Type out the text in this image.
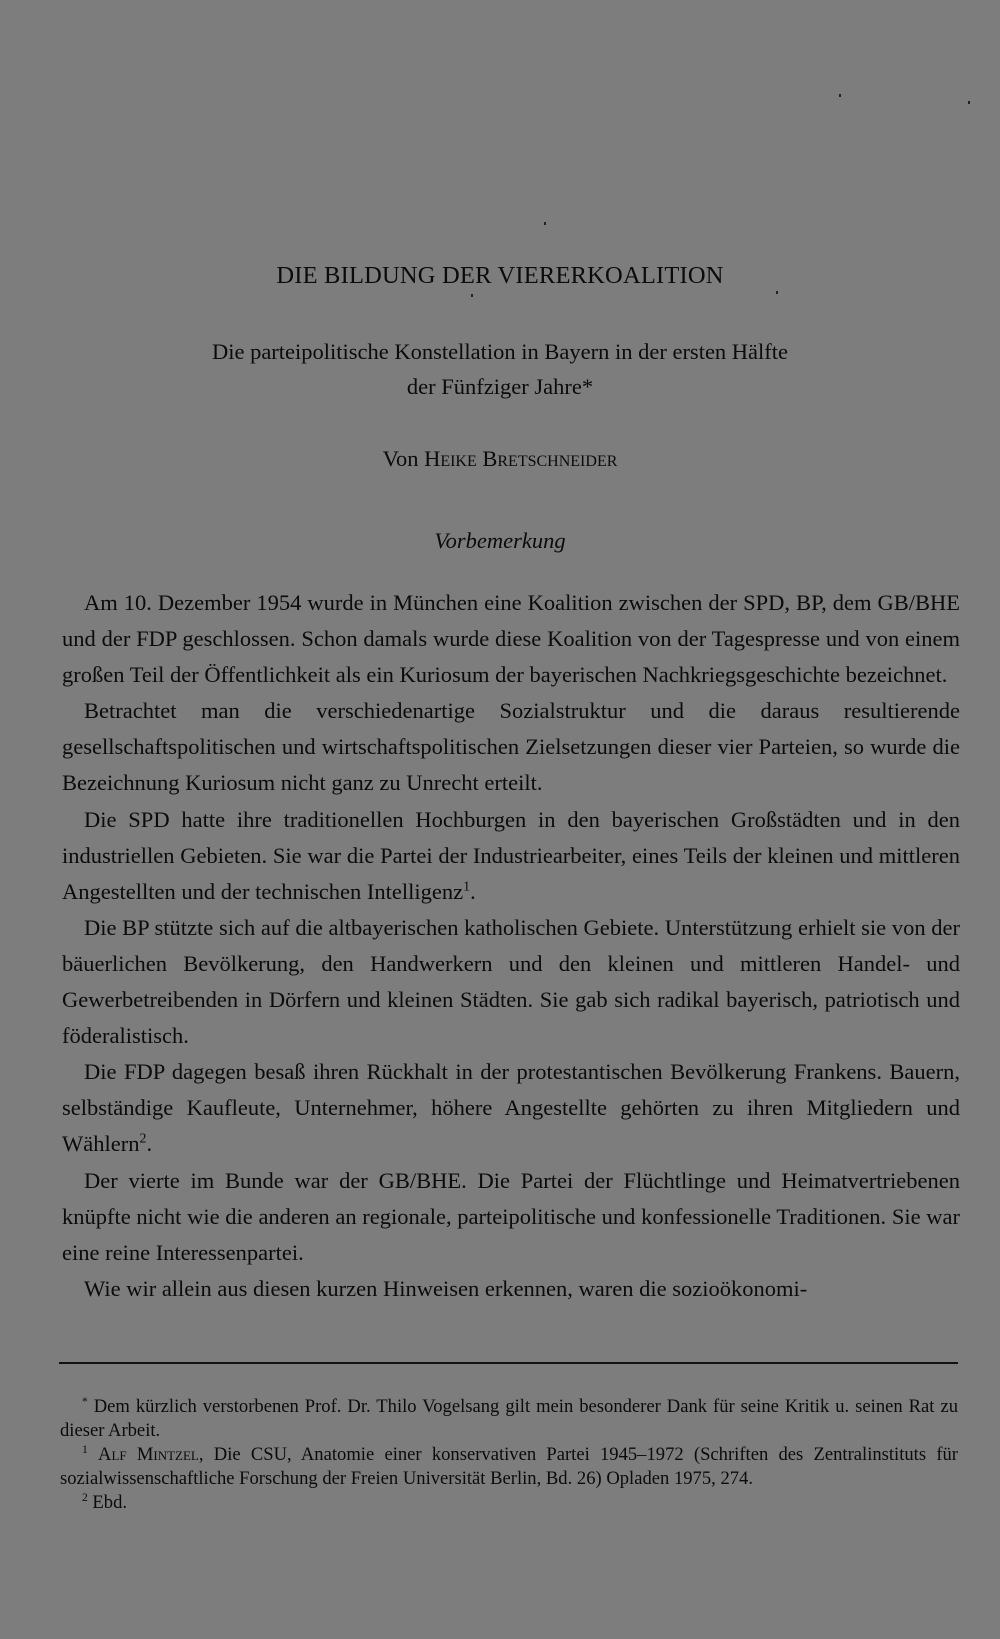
DIE BILDUNG DER VIERERKOALITION
Die parteipolitische Konstellation in Bayern in der ersten Hälfte
der Fünfziger Jahre*
Von Heike Bretschneider
Vorbemerkung

Am 10. Dezember 1954 wurde in München eine Koalition zwischen der SPD, BP, dem GB/BHE und der FDP geschlossen. Schon damals wurde diese Koalition von der Tagespresse und von einem großen Teil der Öffentlichkeit als ein Kuriosum der bayerischen Nachkriegsgeschichte bezeichnet.

Betrachtet man die verschiedenartige Sozialstruktur und die daraus resultierende gesellschaftspolitischen und wirtschaftspolitischen Zielsetzungen dieser vier Parteien, so wurde die Bezeichnung Kuriosum nicht ganz zu Unrecht erteilt.

Die SPD hatte ihre traditionellen Hochburgen in den bayerischen Großstädten und in den industriellen Gebieten. Sie war die Partei der Industriearbeiter, eines Teils der kleinen und mittleren Angestellten und der technischen Intelligenz$^1$.

Die BP stützte sich auf die altbayerischen katholischen Gebiete. Unterstützung erhielt sie von der bäuerlichen Bevölkerung, den Handwerkern und den kleinen und mittleren Handel- und Gewerbetreibenden in Dörfern und kleinen Städten. Sie gab sich radikal bayerisch, patriotisch und föderalistisch.

Die FDP dagegen besaß ihren Rückhalt in der protestantischen Bevölkerung Frankens. Bauern, selbständige Kaufleute, Unternehmer, höhere Angestellte gehörten zu ihren Mitgliedern und Wählern$^2$.

Der vierte im Bunde war der GB/BHE. Die Partei der Flüchtlinge und Heimatvertriebenen knüpfte nicht wie die anderen an regionale, parteipolitische und konfessionelle Traditionen. Sie war eine reine Interessenpartei.

Wie wir allein aus diesen kurzen Hinweisen erkennen, waren die sozioökonomi-

* Dem kürzlich verstorbenen Prof. Dr. Thilo Vogelsang gilt mein besonderer Dank für seine Kritik u. seinen Rat zu dieser Arbeit.

$^1$ Alf Mintzel, Die CSU, Anatomie einer konservativen Partei 1945–1972 (Schriften des Zentralinstituts für sozialwissenschaftliche Forschung der Freien Universität Berlin, Bd. 26) Opladen 1975, 274.

$^2$ Ebd.
